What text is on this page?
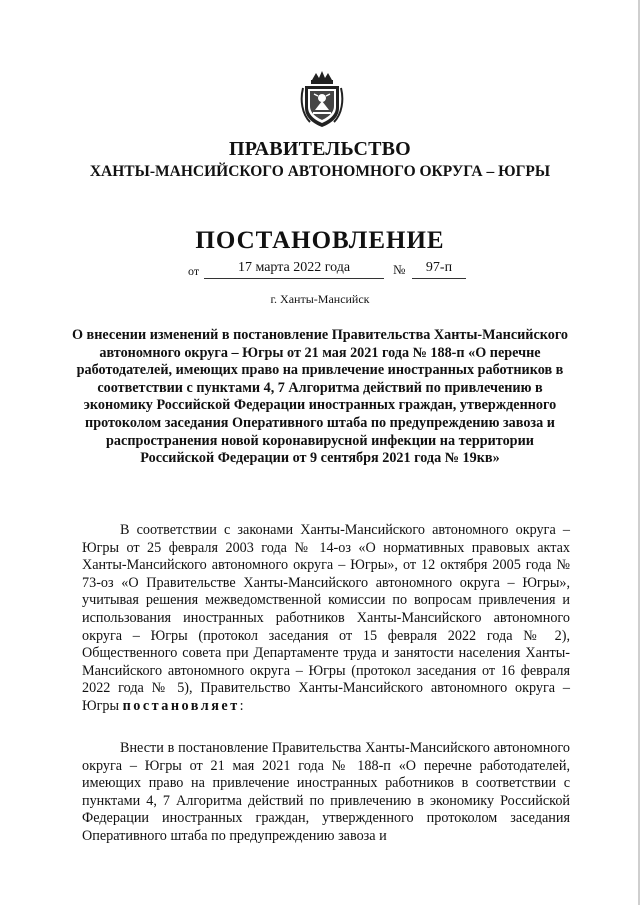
ПРАВИТЕЛЬСТВО
ХАНТЫ-МАНСИЙСКОГО АВТОНОМНОГО ОКРУГА – ЮГРЫ
ПОСТАНОВЛЕНИЕ
от	17 марта 2022 года	№	97-п
г. Ханты-Мансийск
О внесении изменений в постановление Правительства Ханты-Мансийского автономного округа – Югры от 21 мая 2021 года № 188-п «О перечне работодателей, имеющих право на привлечение иностранных работников в соответствии с пунктами 4, 7 Алгоритма действий по привлечению в экономику Российской Федерации иностранных граждан, утвержденного протоколом заседания Оперативного штаба по предупреждению завоза и распространения новой коронавирусной инфекции на территории Российской Федерации от 9 сентября 2021 года № 19кв»
В соответствии с законами Ханты-Мансийского автономного округа – Югры от 25 февраля 2003 года № 14-оз «О нормативных правовых актах Ханты-Мансийского автономного округа – Югры», от 12 октября 2005 года № 73-оз «О Правительстве Ханты-Мансийского автономного округа – Югры», учитывая решения межведомственной комиссии по вопросам привлечения и использования иностранных работников Ханты-Мансийского автономного округа – Югры (протокол заседания от 15 февраля 2022 года № 2), Общественного совета при Департаменте труда и занятости населения Ханты-Мансийского автономного округа – Югры (протокол заседания от 16 февраля 2022 года № 5), Правительство Ханты-Мансийского автономного округа – Югры постановляет:
Внести в постановление Правительства Ханты-Мансийского автономного округа – Югры от 21 мая 2021 года № 188-п «О перечне работодателей, имеющих право на привлечение иностранных работников в соответствии с пунктами 4, 7 Алгоритма действий по привлечению в экономику Российской Федерации иностранных граждан, утвержденного протоколом заседания Оперативного штаба по предупреждению завоза и
